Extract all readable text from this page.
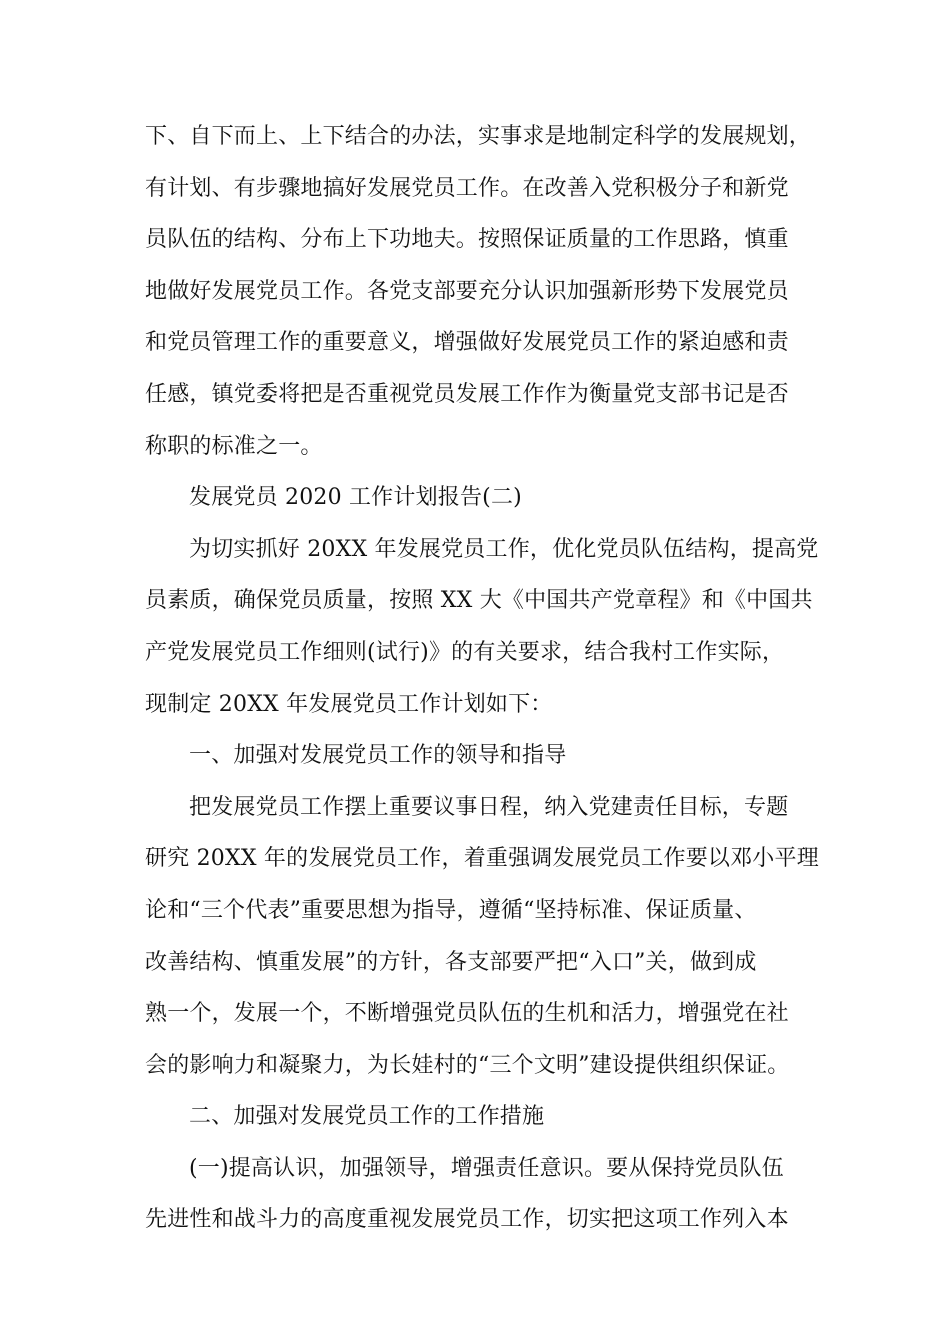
下、自下而上、上下结合的办法，实事求是地制定科学的发展规划，
有计划、有步骤地搞好发展党员工作。在改善入党积极分子和新党
员队伍的结构、分布上下功地夫。按照保证质量的工作思路，慎重
地做好发展党员工作。各党支部要充分认识加强新形势下发展党员
和党员管理工作的重要意义，增强做好发展党员工作的紧迫感和责
任感，镇党委将把是否重视党员发展工作作为衡量党支部书记是否
称职的标准之一。
发展党员 2020 工作计划报告(二)
为切实抓好 20XX 年发展党员工作，优化党员队伍结构，提高党
员素质，确保党员质量，按照 XX 大《中国共产党章程》和《中国共
产党发展党员工作细则(试行)》的有关要求，结合我村工作实际，
现制定 20XX 年发展党员工作计划如下：
一、加强对发展党员工作的领导和指导
把发展党员工作摆上重要议事日程，纳入党建责任目标，专题
研究 20XX 年的发展党员工作，着重强调发展党员工作要以邓小平理
论和“三个代表”重要思想为指导，遵循“坚持标准、保证质量、
改善结构、慎重发展”的方针，各支部要严把“入口”关，做到成
熟一个，发展一个，不断增强党员队伍的生机和活力，增强党在社
会的影响力和凝聚力，为长娃村的“三个文明”建设提供组织保证。
二、加强对发展党员工作的工作措施
(一)提高认识，加强领导，增强责任意识。要从保持党员队伍
先进性和战斗力的高度重视发展党员工作，切实把这项工作列入本
